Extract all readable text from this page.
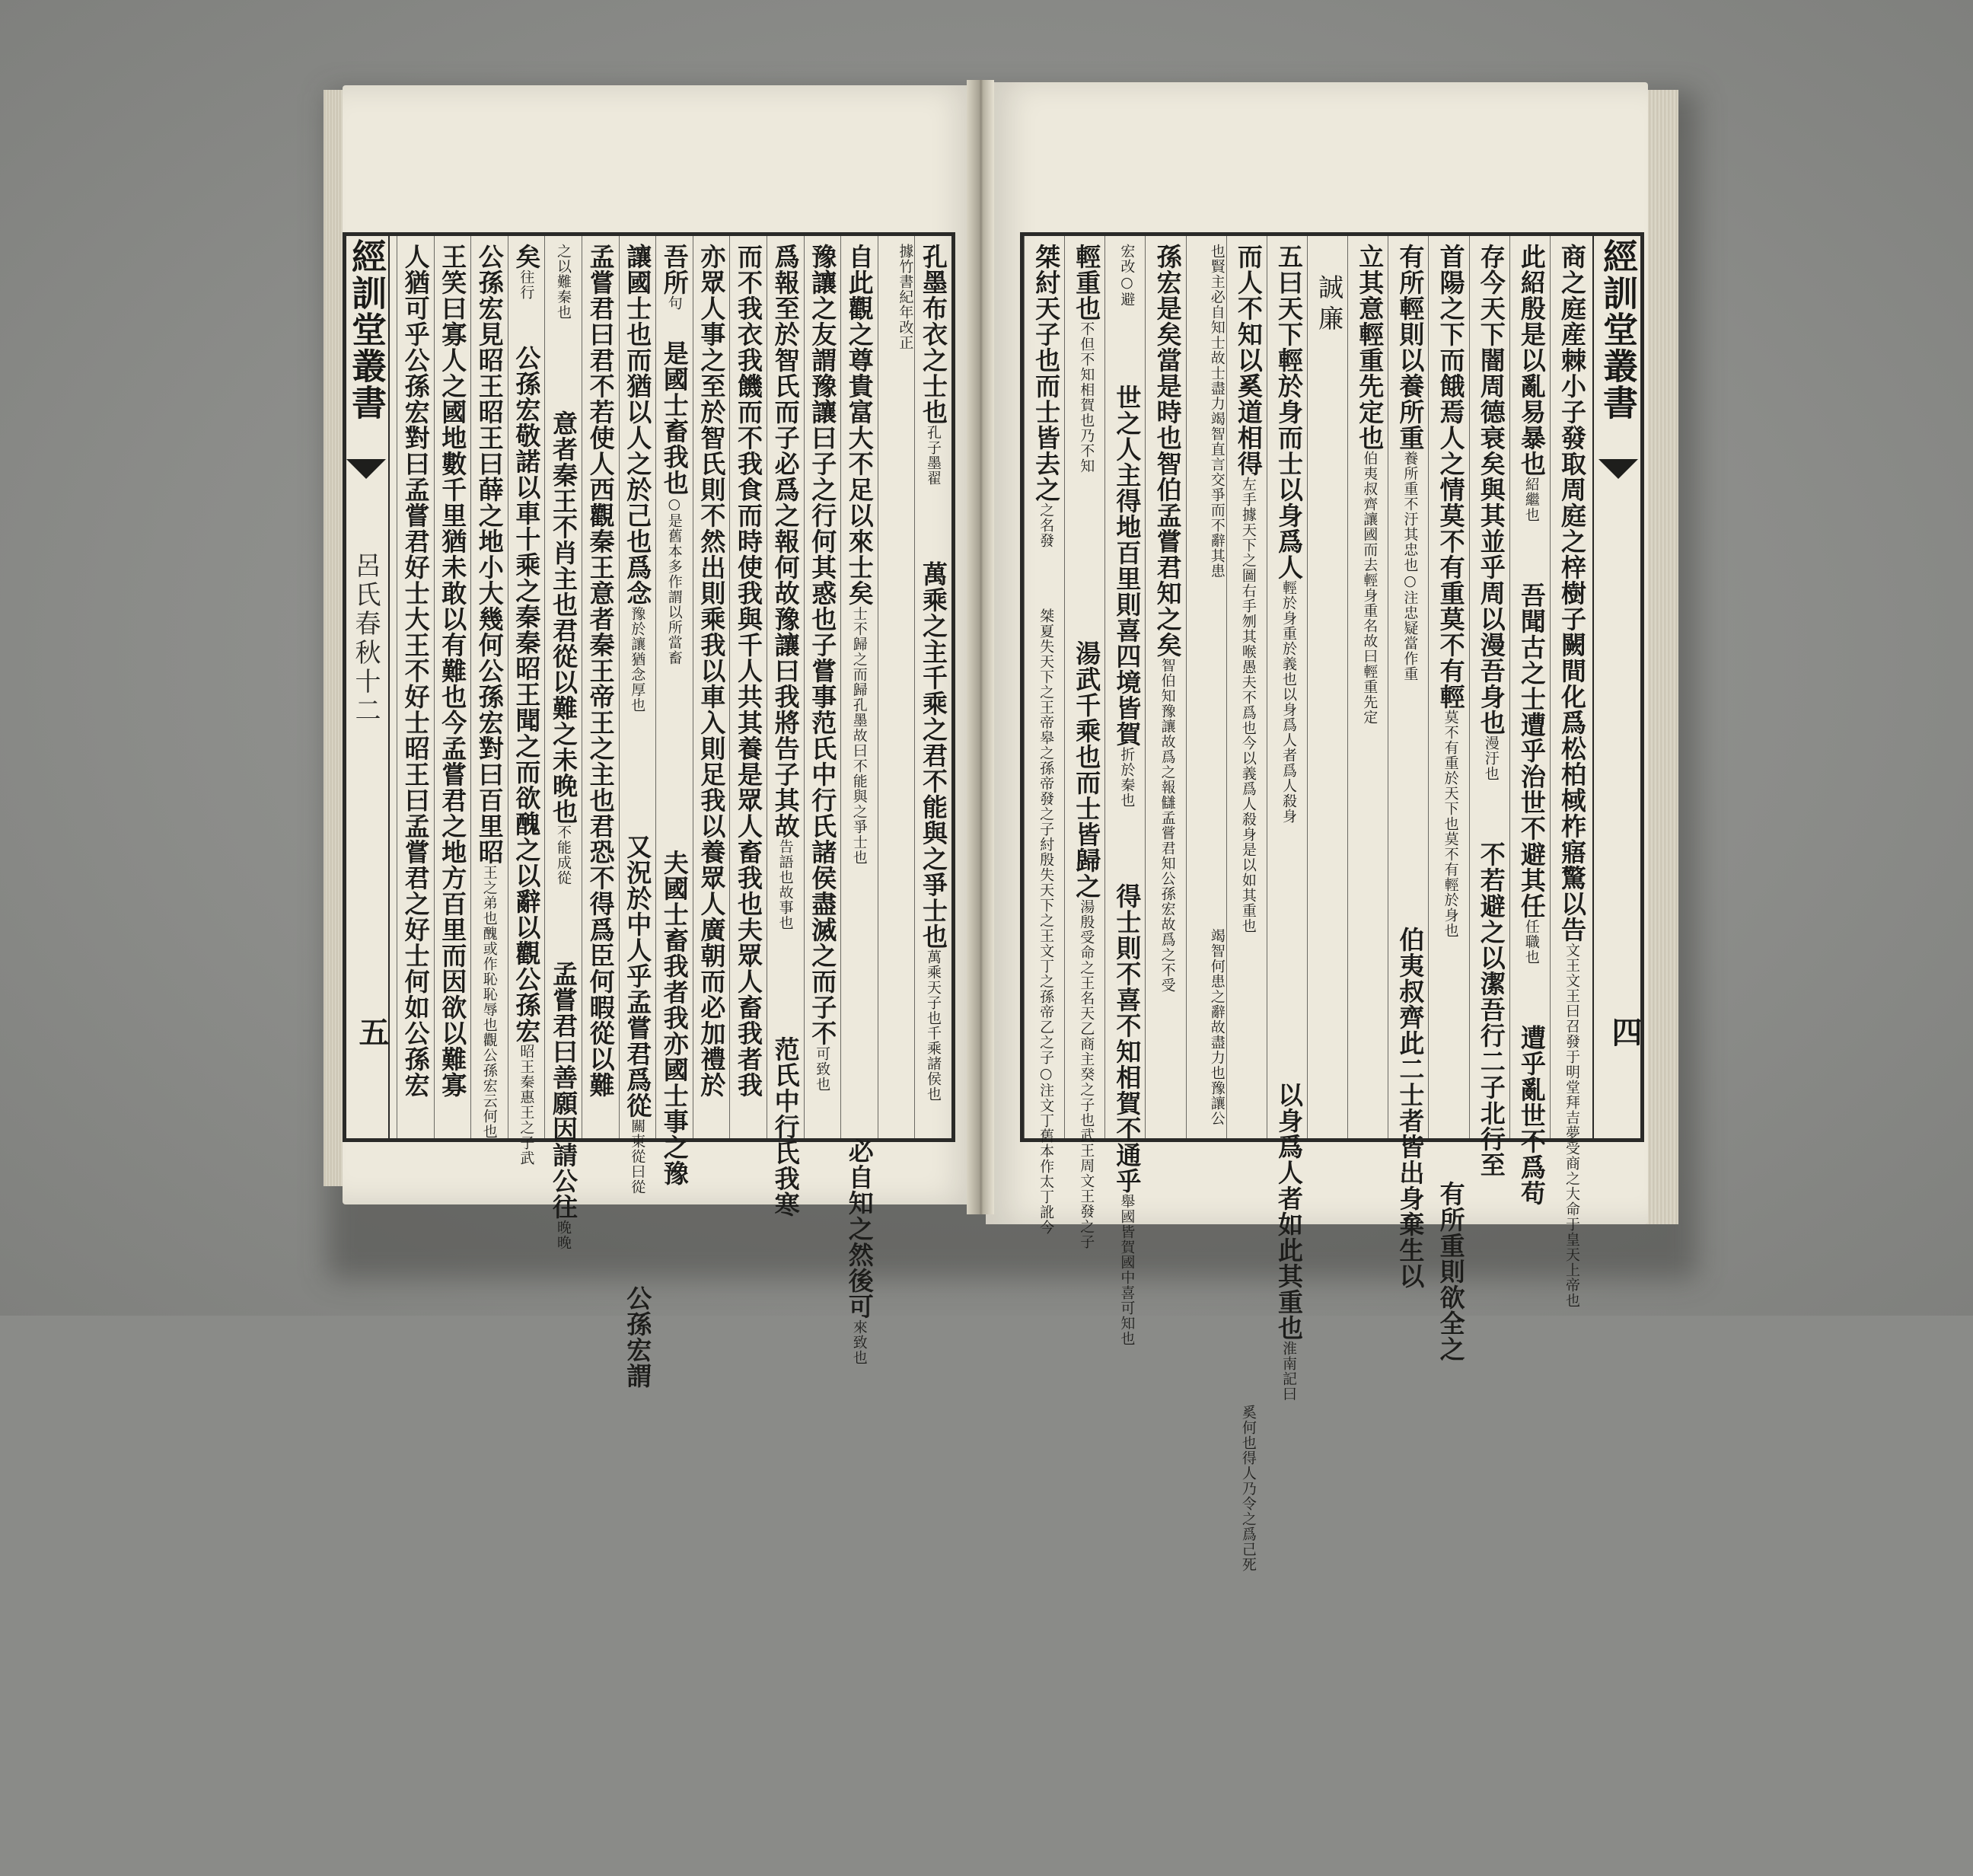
孔墨布衣之士也孔子墨翟萬乘之主千乘之君不能與之爭士也萬乘天子也千乘諸侯也
據竹書紀年改正
自此觀之尊貴富大不足以來士矣士不歸之而歸孔墨故曰不能與之爭士也必自知之然後可來致也
豫讓之友謂豫讓曰子之行何其惑也子嘗事范氏中行氏諸侯盡滅之而子不可致也
爲報至於智氏而子必爲之報何故豫讓曰我將告子其故告語也故事也范氏中行氏我寒
而不我衣我饑而不我食而時使我與千人共其養是眾人畜我也夫眾人畜我者我
亦眾人事之至於智氏則不然出則乘我以車入則足我以養眾人廣朝而必加禮於
吾所句是國士畜我也○是舊本多作謂以所當畜夫國士畜我者我亦國士事之豫
讓國士也而猶以人之於己也爲念豫於讓猶念厚也又況於中人乎孟嘗君爲從關東從曰從公孫宏謂
孟嘗君曰君不若使人西觀秦王意者秦王帝王之主也君恐不得爲臣何暇從以難
之以難秦也意者秦王不肖主也君從以難之未晚也不能成從孟嘗君曰善願因請公往晚晚
矣往行公孫宏敬諾以車十乘之秦秦昭王聞之而欲醜之以辭以觀公孫宏昭王秦惠王之子武
公孫宏見昭王昭王曰薛之地小大幾何公孫宏對曰百里昭王之弟也醜或作恥恥辱也觀公孫宏云何也
王笑曰寡人之國地數千里猶未敢以有難也今孟嘗君之地方百里而因欲以難寡
人猶可乎公孫宏對曰孟嘗君好士大王不好士昭王曰孟嘗君之好士何如公孫宏
經訓堂叢書
呂氏春秋十二
五
商之庭産棘小子發取周庭之梓樹子闕間化爲松柏棫柞寤驚以告文王文王曰召發于明堂拜吉夢受商之大命于皇天上帝也
此紹殷是以亂易暴也紹繼也吾聞古之士遭乎治世不避其任任職也遭乎亂世不爲苟
存今天下闇周德衰矣與其並乎周以漫吾身也漫汙也不若避之以潔吾行二子北行至
首陽之下而餓焉人之情莫不有重莫不有輕莫不有重於天下也莫不有輕於身也有所重則欲全之
有所輕則以養所重養所重不汙其忠也○注忠疑當作重伯夷叔齊此二士者皆出身棄生以
立其意輕重先定也伯夷叔齊讓國而去輕身重名故曰輕重先定
誠廉
五曰天下輕於身而士以身爲人輕於身重於義也以身爲人者爲人殺身以身爲人者如此其重也淮南記曰
而人不知以奚道相得左手據天下之圖右手刎其喉愚夫不爲也今以義爲人殺身是以如其重也奚何也得人乃令之爲己死
也賢主必自知士故士盡力竭智直言交爭而不辭其患竭智何患之辭故盡力也豫讓公
孫宏是矣當是時也智伯孟嘗君知之矣智伯知豫讓故爲之報讎孟嘗君知公孫宏故爲之不受
宏改○避世之人主得地百里則喜四境皆賀折於秦也得士則不喜不知相賀不通乎舉國皆賀國中喜可知也
輕重也不但不知相賀也乃不知湯武千乘也而士皆歸之湯殷受命之王名天乙商主癸之子也武王周文王發之子
桀紂天子也而士皆去之之名發桀夏失天下之王帝皋之孫帝發之子紂殷失天下之王文丁之孫帝乙之子○注文丁舊本作太丁訛今
經訓堂叢書
四
